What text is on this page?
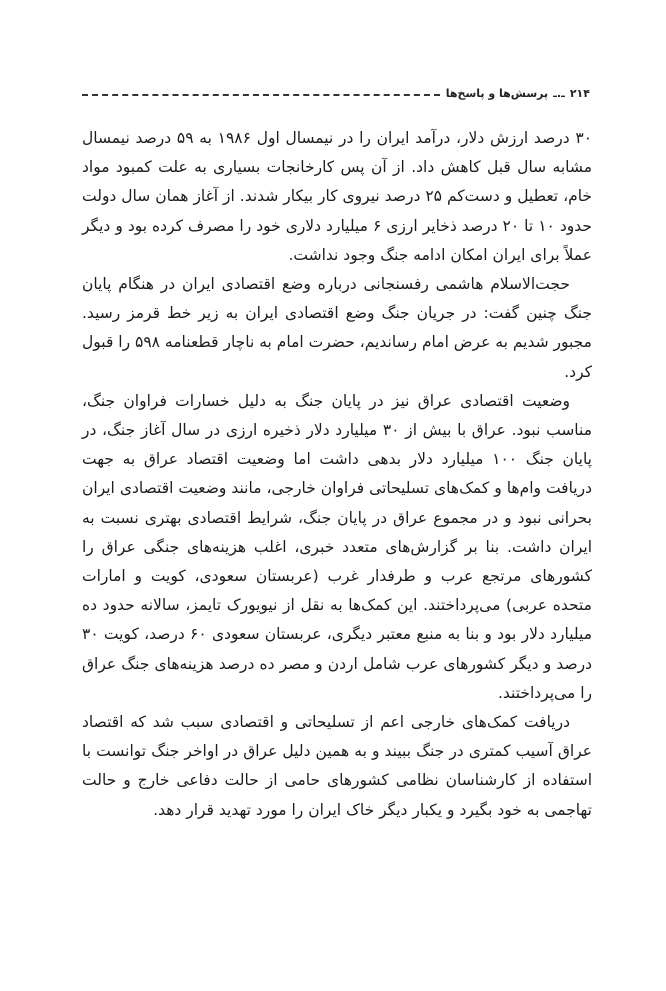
۲۱۴
ـ.ـ
پرسش‌ها و پاسخ‌ها

۳۰ درصد ارزش دلار، درآمد ایران را در نیمسال اول ۱۹۸۶ به ۵۹ درصد نیمسال مشابه سال قبل کاهش داد. از آن پس کارخانجات بسیاری به علت کمبود مواد خام، تعطیل و دست‌کم ۲۵ درصد نیروی کار بیکار شدند. از آغاز همان سال دولت حدود ۱۰ تا ۲۰ درصد ذخایر ارزی ۶ میلیارد دلاری خود را مصرف کرده بود و دیگر عملاً برای ایران امکان ادامه جنگ وجود نداشت.

حجت‌الاسلام هاشمی رفسنجانی درباره وضع اقتصادی ایران در هنگام پایان جنگ چنین گفت: در جریان جنگ وضع اقتصادی ایران به زیر خط قرمز رسید. مجبور شدیم به عرض امام رساندیم، حضرت امام به ناچار قطعنامه ۵۹۸ را قبول کرد.

وضعیت اقتصادی عراق نیز در پایان جنگ به دلیل خسارات فراوان جنگ، مناسب نبود. عراق با بیش از ۳۰ میلیارد دلار ذخیره ارزی در سال آغاز جنگ، در پایان جنگ ۱۰۰ میلیارد دلار بدهی داشت اما وضعیت اقتصاد عراق به جهت دریافت وام‌ها و کمک‌های تسلیحاتی فراوان خارجی، مانند وضعیت اقتصادی ایران بحرانی نبود و در مجموع عراق در پایان جنگ، شرایط اقتصادی بهتری نسبت به ایران داشت. بنا بر گزارش‌های متعدد خبری، اغلب هزینه‌های جنگی عراق را کشورهای مرتجع عرب و طرفدار غرب (عربستان سعودی، کویت و امارات متحده عربی) می‌پرداختند. این کمک‌ها به نقل از نیویورک تایمز، سالانه حدود ده میلیارد دلار بود و بنا به منبع معتبر دیگری، عربستان سعودی ۶۰ درصد، کویت ۳۰ درصد و دیگر کشورهای عرب شامل اردن و مصر ده درصد هزینه‌های جنگ عراق را می‌پرداختند.

دریافت کمک‌های خارجی اعم از تسلیحاتی و اقتصادی سبب شد که اقتصاد عراق آسیب کمتری در جنگ ببیند و به همین دلیل عراق در اواخر جنگ توانست با استفاده از کارشناسان نظامی کشورهای حامی از حالت دفاعی خارج و حالت تهاجمی به خود بگیرد و یکبار دیگر خاک ایران را مورد تهدید قرار دهد.
